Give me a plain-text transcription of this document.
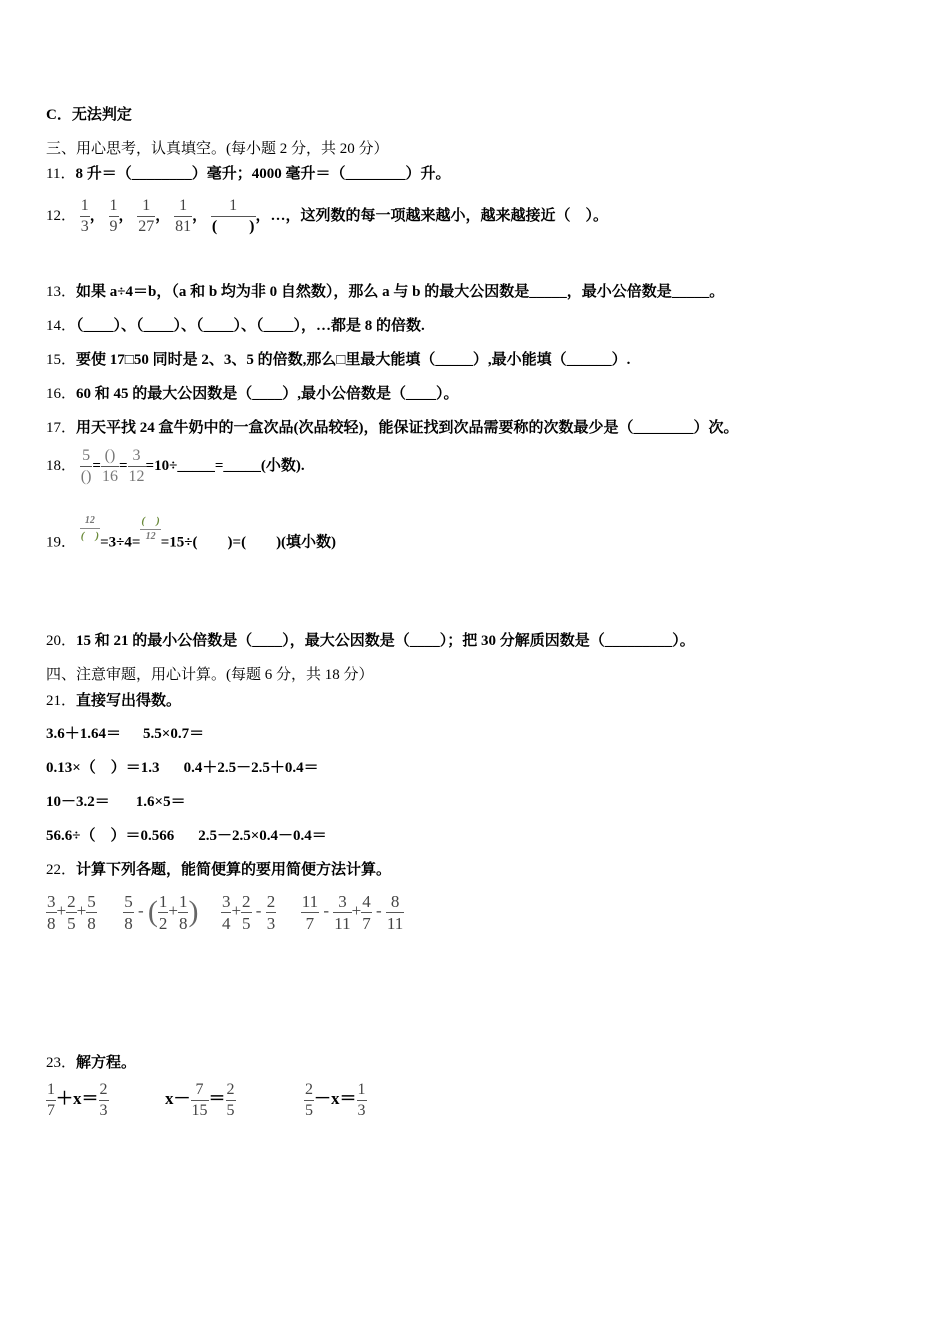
C．无法判定
三、用心思考，认真填空。(每小题 2 分，共 20 分）
11．8 升＝（________）毫升；4000 毫升＝（________）升。
12． $\frac{1}{3}$ ， $\frac{1}{9}$ ， $\frac{1}{27}$ ， $\frac{1}{81}$ ， $\frac{1}{( )}$ ，…，这列数的每一项越来越小，越来越接近（　）。
13．如果 a÷4＝b，（a 和 b 均为非 0 自然数），那么 a 与 b 的最大公因数是_____，最小公倍数是_____。
14．（____）、（____）、（____）、（____），…都是 8 的倍数.
15．要使 17□50 同时是 2、3、5 的倍数,那么□里最大能填（_____）,最小能填（______）.
16．60 和 45 的最大公因数是（____）,最小公倍数是（____）。
17．用天平找 24 盒牛奶中的一盒次品(次品较轻)，能保证找到次品需要称的次数最少是（________）次。
18． $\frac{5}{()} = \frac{()}{16} = \frac{3}{12}$ =10÷_____=_____(小数).
19．
$\frac{12}{( )}$
=3÷4=
$\frac{( )}{12}$
=15÷(　　)=(　　)(填小数)
20．15 和 21 的最小公倍数是（____），最大公因数是（____）；把 30 分解质因数是（_________）。
四、注意审题，用心计算。(每题 6 分，共 18 分）
21．直接写出得数。
3.6＋1.64＝ 5.5×0.7＝
0.13×（　）＝1.3 0.4＋2.5－2.5＋0.4＝
10－3.2＝ 1.6×5＝
56.6÷（　）＝0.566 2.5－2.5×0.4－0.4＝
22．计算下列各题，能简便算的要用简便方法计算。
$\frac{3}{8} + \frac{2}{5} + \frac{5}{8}$
$\frac{5}{8}$ - ( $\frac{1}{2} + \frac{1}{8}$ ) $\frac{3}{4} + \frac{2}{5} - \frac{2}{3}$
$\frac{11}{7} - \frac{3}{11} + \frac{4}{7} - \frac{8}{11}$
23．解方程。
$\frac{1}{7} +x= \frac{2}{3}$	$x- \frac{7}{15} = \frac{2}{5}$
	$\frac{2}{5} -x= \frac{1}{3}$
